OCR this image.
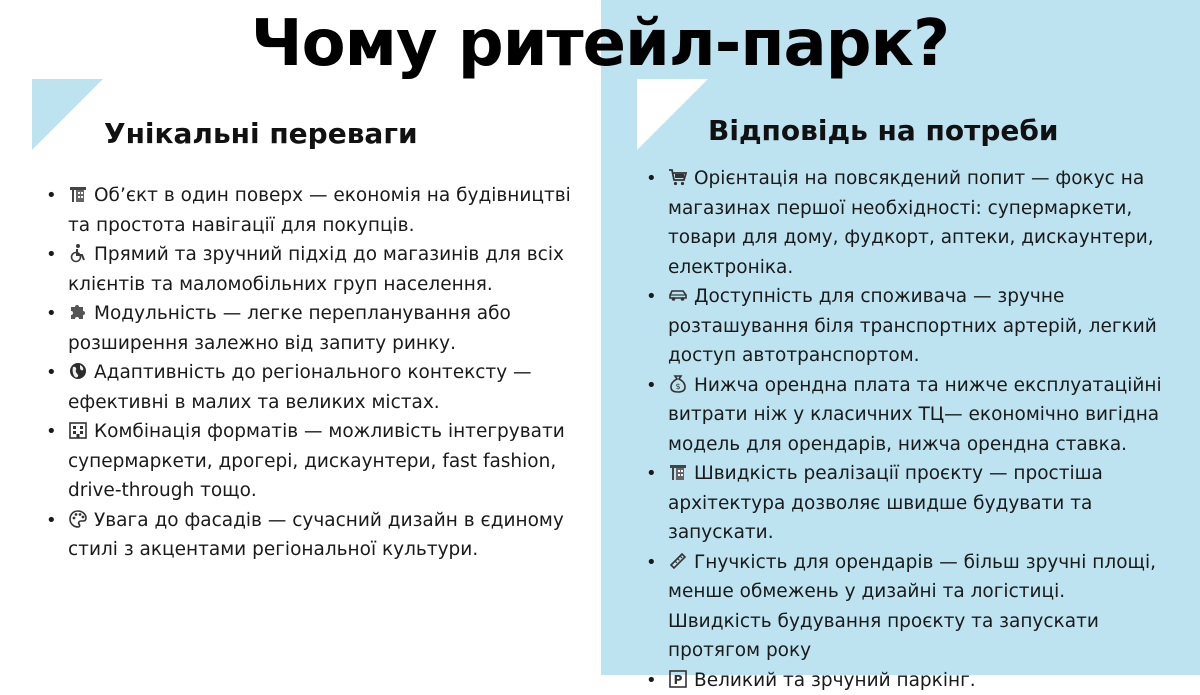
Чому ритейл-парк?
Унікальні переваги	Відповідь на потреби
• Об’єкт в один поверх — економія на будівництві та простота навігації для покупців.
• Прямий та зручний підхід до магазинів для всіх клієнтів та маломобільних груп населення.
• Модульність — легке перепланування або розширення залежно від запиту ринку.
• Адаптивність до регіонального контексту — ефективні в малих та великих містах.
• Комбінація форматів — можливість інтегрувати супермаркети, дрогері, дискаунтери, fast fashion, drive-through тощо.
• Увага до фасадів — сучасний дизайн в єдиному стилі з акцентами регіональної культури.
• Орієнтація на повсякдений попит — фокус на магазинах першої необхідності: супермаркети, товари для дому, фудкорт, аптеки, дискаунтери, електроніка.
• Доступність для споживача — зручне розташування біля транспортних артерій, легкий доступ автотранспортом.
• $ Нижча орендна плата та нижче експлуатаційні витрати ніж у класичних ТЦ— економічно вигідна модель для орендарів, нижча орендна ставка.
• Швидкість реалізації проєкту — простіша архітектура дозволяє швидше будувати та запускати.
• Гнучкість для орендарів — більш зручні площі, менше обмежень у дизайні та логістиці. Швидкість будування проєкту та запускати протягом року
• P Великий та зрчуний паркінг.
